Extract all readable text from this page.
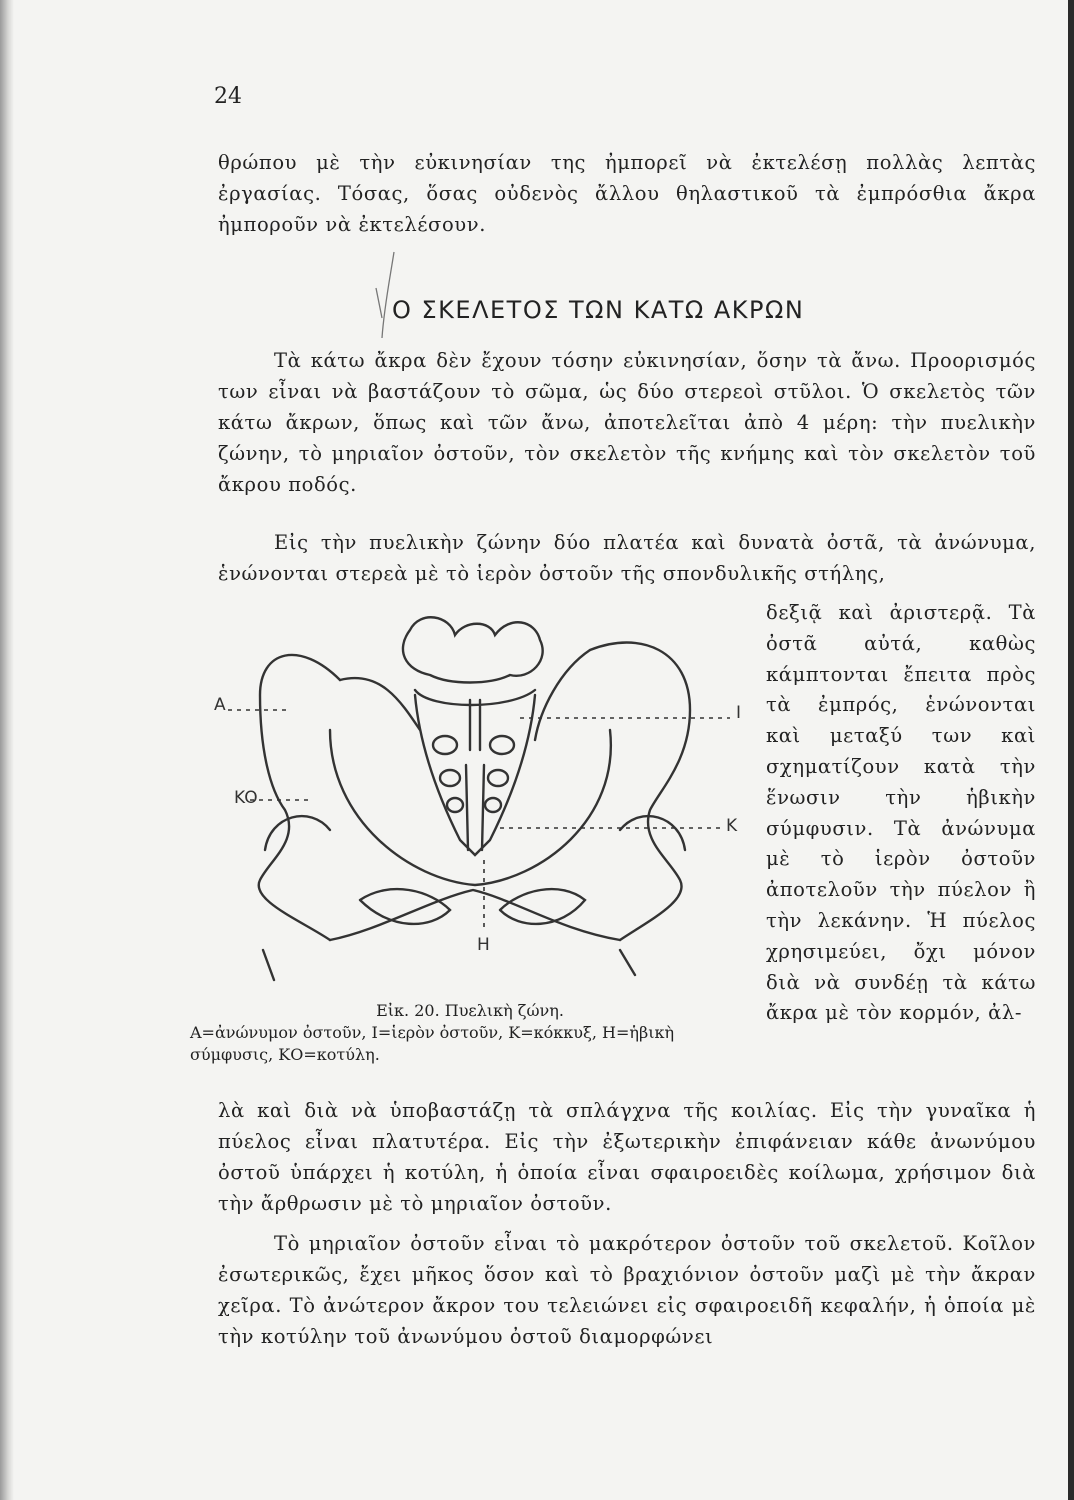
24

θρώπου μὲ τὴν εὐκινησίαν της ἠμπορεῖ νὰ ἐκτελέσῃ πολλὰς λεπτὰς ἐργασίας. Τόσας, ὅσας οὐδενὸς ἄλλου θηλαστικοῦ τὰ ἐμπρόσθια ἄκρα ἠμποροῦν νὰ ἐκτελέσουν.

Ο ΣΚΕΛΕΤΟΣ ΤΩΝ ΚΑΤΩ ΑΚΡΩΝ

Τὰ κάτω ἄκρα δὲν ἔχουν τόσην εὐκινησίαν, ὅσην τὰ ἄνω. Προορισμός των εἶναι νὰ βαστάζουν τὸ σῶμα, ὡς δύο στερεοὶ στῦλοι. Ὁ σκελετὸς τῶν κάτω ἄκρων, ὅπως καὶ τῶν ἄνω, ἀποτελεῖται ἀπὸ 4 μέρη: τὴν πυελικὴν ζώνην, τὸ μηριαῖον ὀστοῦν, τὸν σκελετὸν τῆς κνήμης καὶ τὸν σκελετὸν τοῦ ἄκρου ποδός.

Εἰς τὴν πυελικὴν ζώνην δύο πλατέα καὶ δυνατὰ ὀστᾶ, τὰ ἀνώνυμα, ἑνώνονται στερεὰ μὲ τὸ ἱερὸν ὀστοῦν τῆς σπονδυλικῆς στήλης,

A	I
KO
K
H
Εἰκ. 20. Πυελικὴ ζώνη.
Α=ἀνώνυμον ὀστοῦν, Ι=ἱερὸν ὀστοῦν, Κ=κόκκυξ, Η=ἡβικὴ σύμφυσις, ΚΟ=κοτύλη.
δεξιᾷ καὶ ἀριστερᾷ. Τὰ ὀστᾶ αὐτά, καθὼς κάμπτονται ἔπειτα πρὸς τὰ ἐμπρός, ἑνώνονται καὶ μεταξύ των καὶ σχηματίζουν κατὰ τὴν ἕνωσιν τὴν ἡβικὴν σύμφυσιν. Τὰ ἀνώνυμα μὲ τὸ ἱερὸν ὀστοῦν ἀποτελοῦν τὴν πύελον ἢ τὴν λεκάνην. Ἡ πύελος χρησιμεύει, ὄχι μόνον διὰ νὰ συνδέῃ τὰ κάτω ἄκρα μὲ τὸν κορμόν, ἀλ-

λὰ καὶ διὰ νὰ ὑποβαστάζῃ τὰ σπλάγχνα τῆς κοιλίας. Εἰς τὴν γυναῖκα ἡ πύελος εἶναι πλατυτέρα. Εἰς τὴν ἐξωτερικὴν ἐπιφάνειαν κάθε ἀνωνύμου ὀστοῦ ὑπάρχει ἡ κοτύλη, ἡ ὁποία εἶναι σφαιροειδὲς κοίλωμα, χρήσιμον διὰ τὴν ἄρθρωσιν μὲ τὸ μηριαῖον ὀστοῦν.

Τὸ μηριαῖον ὀστοῦν εἶναι τὸ μακρότερον ὀστοῦν τοῦ σκελετοῦ. Κοῖλον ἐσωτερικῶς, ἔχει μῆκος ὅσον καὶ τὸ βραχιόνιον ὀστοῦν μαζὶ μὲ τὴν ἄκραν χεῖρα. Τὸ ἀνώτερον ἄκρον του τελειώνει εἰς σφαιροειδῆ κεφαλήν, ἡ ὁποία μὲ τὴν κοτύλην τοῦ ἀνωνύμου ὀστοῦ διαμορφώνει
